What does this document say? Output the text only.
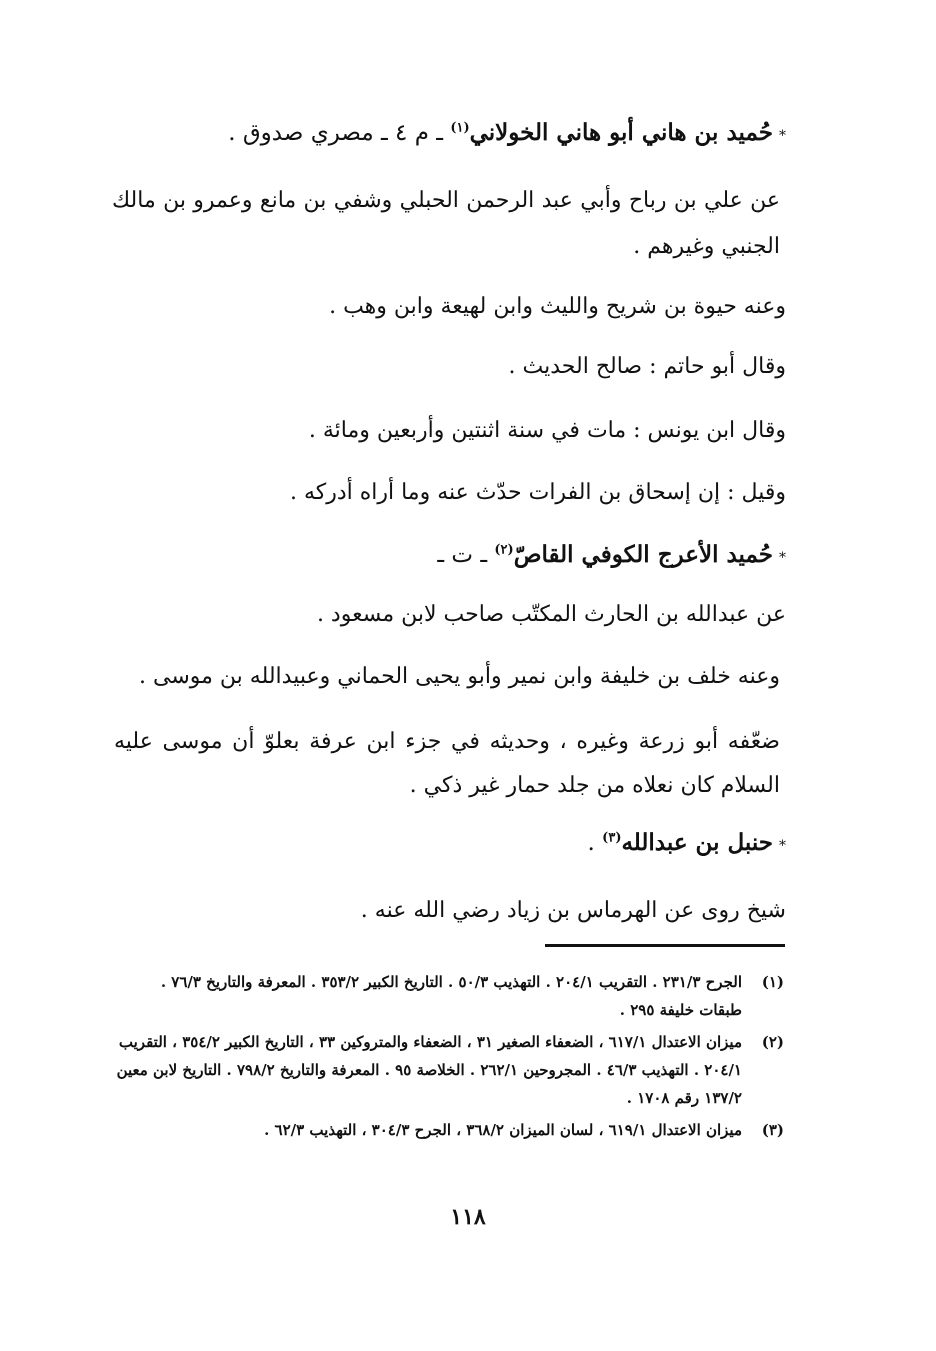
*حُميد بن هاني أبو هاني الخولاني$^{(١)}$ ـ م ٤ ـ مصري صدوق .
عن علي بن رباح وأبي عبد الرحمن الحبلي وشفي بن مانع وعمرو بن مالك الجنبي وغيرهم .
وعنه حيوة بن شريح والليث وابن لهيعة وابن وهب .
وقال أبو حاتم : صالح الحديث .
وقال ابن يونس : مات في سنة اثنتين وأربعين ومائة .
وقيل : إن إسحاق بن الفرات حدّث عنه وما أراه أدركه .
*حُميد الأعرج الكوفي القاصّ$^{(٢)}$ ـ ت ـ
عن عبدالله بن الحارث المكتّب صاحب لابن مسعود .
وعنه خلف بن خليفة وابن نمير وأبو يحيى الحماني وعبيدالله بن موسى .
ضعّفه أبو زرعة وغيره ، وحديثه في جزء ابن عرفة بعلوّ أن موسى عليه السلام كان نعلاه من جلد حمار غير ذكي .
*حنبل بن عبدالله$^{(٣)}$ .
شيخ روى عن الهرماس بن زياد رضي الله عنه .
(١)
الجرح ٢٣١/٣ . التقريب ٢٠٤/١ . التهذيب ٥٠/٣ . التاريخ الكبير ٣٥٣/٢ . المعرفة والتاريخ ٧٦/٣ . طبقات خليفة ٢٩٥ .
(٢)
ميزان الاعتدال ٦١٧/١ ، الضعفاء الصغير ٣١ ، الضعفاء والمتروكين ٣٣ ، التاريخ الكبير ٣٥٤/٢ ، التقريب ٢٠٤/١ . التهذيب ٤٦/٣ . المجروحين ٢٦٢/١ . الخلاصة ٩٥ . المعرفة والتاريخ ٧٩٨/٢ . التاريخ لابن معين ١٣٧/٢ رقم ١٧٠٨ .
(٣)
ميزان الاعتدال ٦١٩/١ ، لسان الميزان ٣٦٨/٢ ، الجرح ٣٠٤/٣ ، التهذيب ٦٢/٣ .
١١٨
